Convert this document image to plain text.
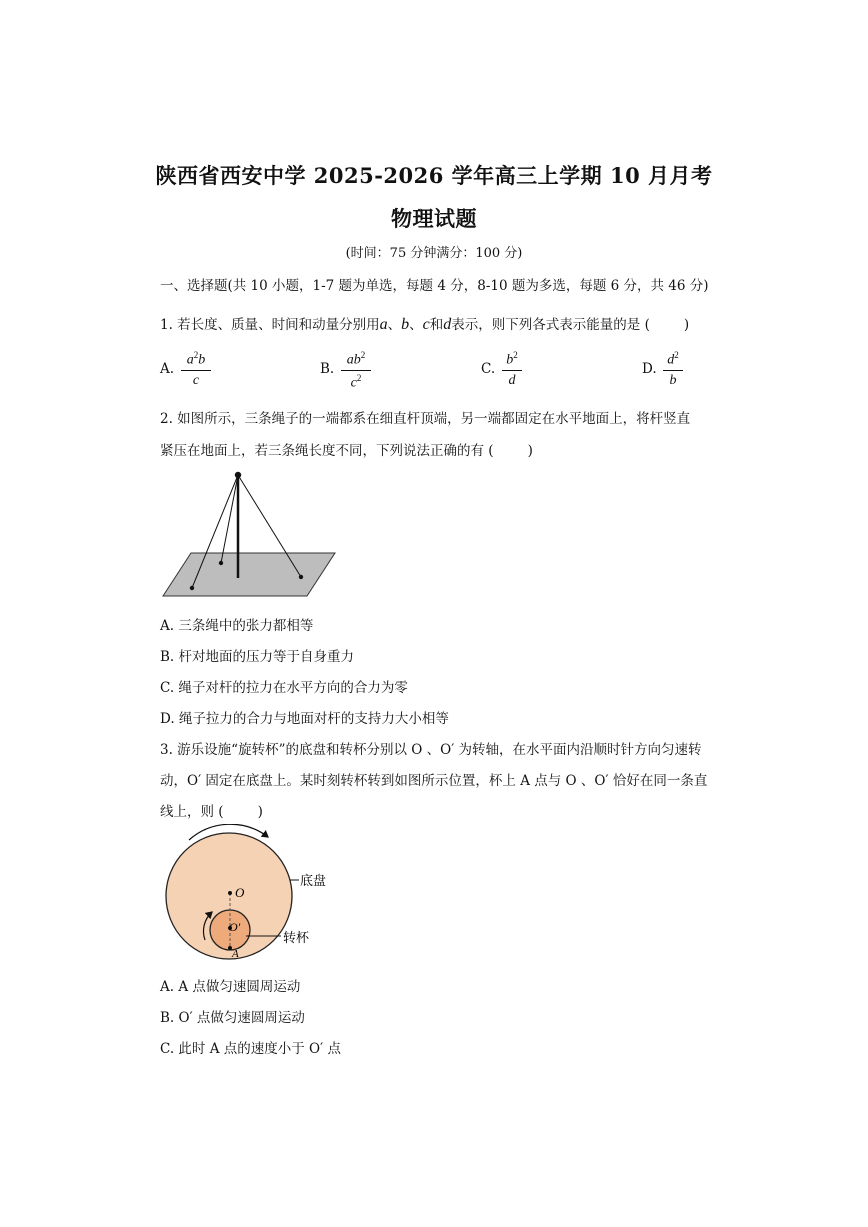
陕西省西安中学 2025-2026 学年高三上学期 10 月月考
物理试题
(时间：75 分钟满分：100 分)
一、选择题(共 10 小题，1-7 题为单选，每题 4 分，8-10 题为多选，每题 6 分，共 46 分)
1. 若长度、质量、时间和动量分别用a、b、c和d表示，则下列各式表示能量的是 (	)
A.
$a^2b$
c
B.
$ab^2$
$c^2$
C.
$b^2$
d
D.
$d^2$
b
2. 如图所示，三条绳子的一端都系在细直杆顶端，另一端都固定在水平地面上，将杆竖直
紧压在地面上，若三条绳长度不同，下列说法正确的有 (	)
A. 三条绳中的张力都相等
B. 杆对地面的压力等于自身重力
C. 绳子对杆的拉力在水平方向的合力为零
D. 绳子拉力的合力与地面对杆的支持力大小相等
3. 游乐设施“旋转杯”的底盘和转杯分别以 O 、O′ 为转轴，在水平面内沿顺时针方向匀速转
动，O′ 固定在底盘上。某时刻转杯转到如图所示位置，杯上 A 点与 O 、O′ 恰好在同一条直
线上，则 (	)
O
O′
A
底盘
转杯
A. A 点做匀速圆周运动
B. O′ 点做匀速圆周运动
C. 此时 A 点的速度小于 O′ 点
